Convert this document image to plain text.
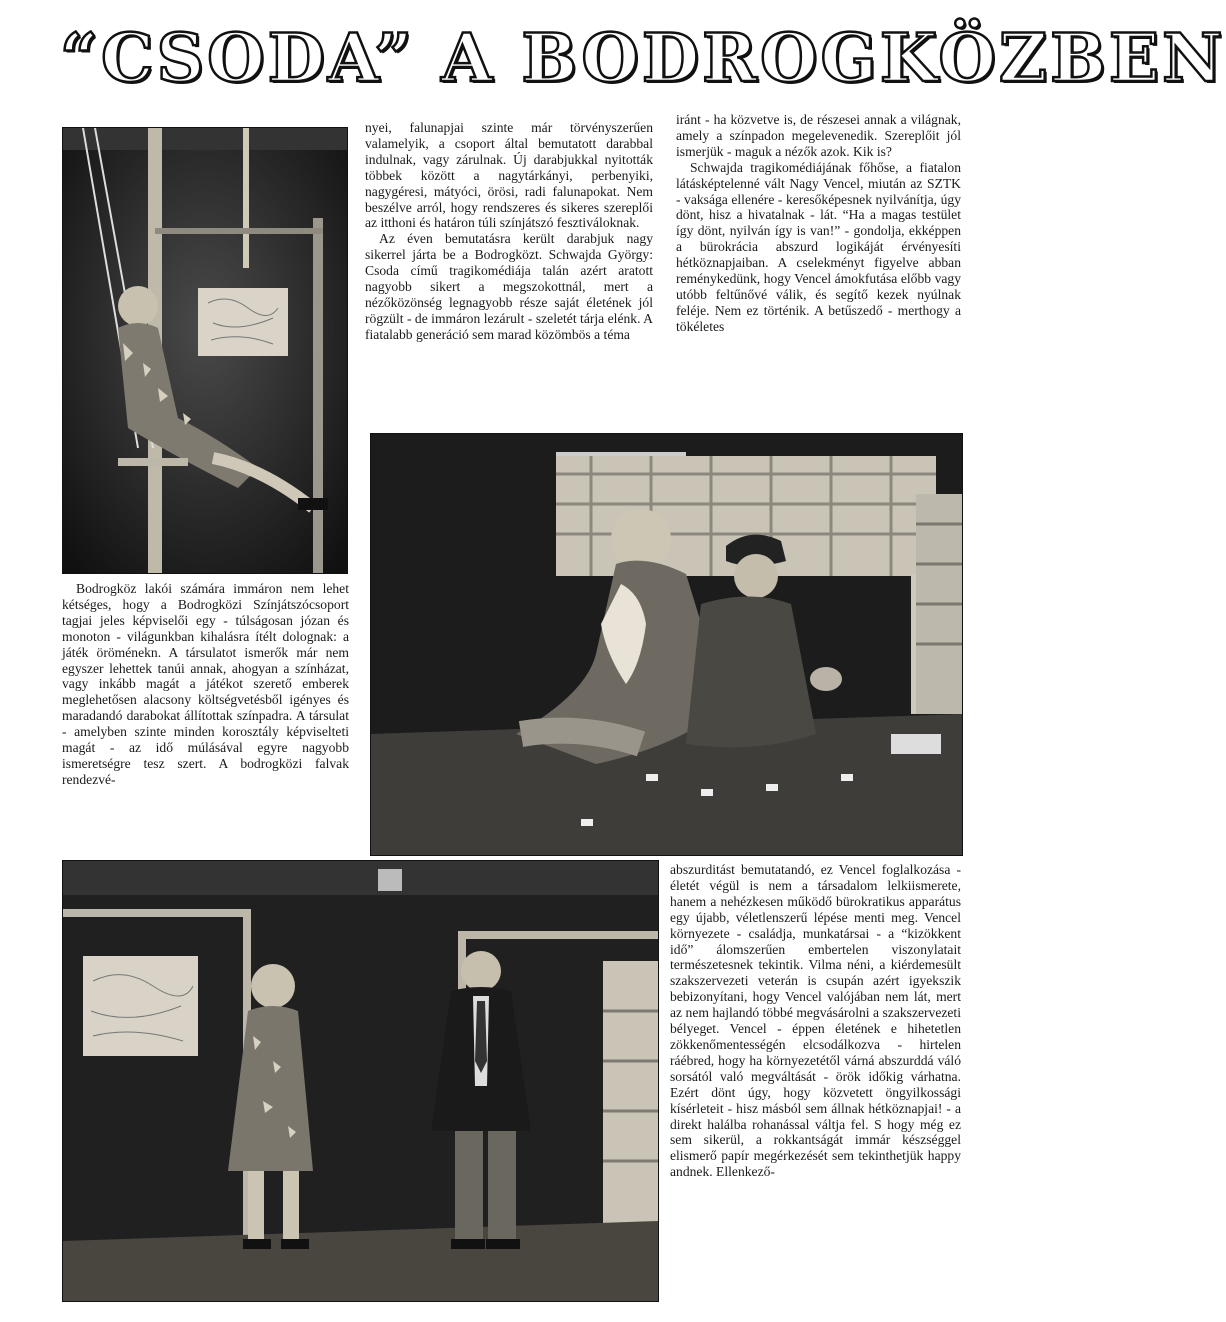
“CSODA” A BODROGKÖZBEN

nyei, falunapjai szinte már törvényszerűen valamelyik, a csoport által bemutatott darabbal indulnak, vagy zárulnak. Új darabjukkal nyitották többek között a nagytárkányi, perbenyiki, nagygéresi, mátyóci, örösi, radi falunapokat. Nem beszélve arról, hogy rendszeres és sikeres szereplői az itthoni és határon túli színjátszó fesztiváloknak.

Az éven bemutatásra került darabjuk nagy sikerrel járta be a Bodrogközt. Schwajda György: Csoda című tragikomédiája talán azért aratott nagyobb sikert a megszokottnál, mert a nézőközönség legnagyobb része saját életének jól rögzült - de immáron lezárult - szeletét tárja elénk. A fiatalabb generáció sem marad közömbös a téma

iránt - ha közvetve is, de részesei annak a világnak, amely a színpadon megelevenedik. Szereplőit jól ismerjük - maguk a nézők azok. Kik is?

Schwajda tragikomédiájának főhőse, a fiatalon látásképtelenné vált Nagy Vencel, miután az SZTK - vaksága ellenére - keresőképesnek nyilvánítja, úgy dönt, hisz a hivatalnak - lát. “Ha a magas testület így dönt, nyilván így is van!” - gondolja, ekképpen a bürokrácia abszurd logikáját érvényesíti hétköznapjaiban. A cselekményt figyelve abban reménykedünk, hogy Vencel ámokfutása előbb vagy utóbb feltűnővé válik, és segítő kezek nyúlnak feléje. Nem ez történik. A betűszedő - merthogy a tökéletes

Bodrogköz lakói számára immáron nem lehet kétséges, hogy a Bodrogközi Színjátszócsoport tagjai jeles képviselői egy - túlságosan józan és monoton - világunkban kihalásra ítélt dolognak: a játék öröménekn. A társulatot ismerők már nem egyszer lehettek tanúi annak, ahogyan a színházat, vagy inkább magát a játékot szerető emberek meglehetősen alacsony költségvetésből igényes és maradandó darabokat állítottak színpadra. A társulat - amelyben szinte minden korosztály képviselteti magát - az idő múlásával egyre nagyobb ismeretségre tesz szert. A bodrogközi falvak rendezvé-

abszurditást bemutatandó, ez Vencel foglalkozása - életét végül is nem a társadalom lelkiismerete, hanem a nehézkesen működő bürokratikus apparátus egy újabb, véletlenszerű lépése menti meg. Vencel környezete - családja, munkatársai - a “kizökkent idő” álomszerűen embertelen viszonylatait természetesnek tekintik. Vilma néni, a kiérdemesült szakszervezeti veterán is csupán azért igyekszik bebizonyítani, hogy Vencel valójában nem lát, mert az nem hajlandó többé megvásárolni a szakszervezeti bélyeget. Vencel - éppen életének e hihetetlen zökkenőmentességén elcsodálkozva - hirtelen ráébred, hogy ha környezetétől várná abszurddá váló sorsától való megváltását - örök időkig várhatna. Ezért dönt úgy, hogy közvetett öngyilkossági kísérleteit - hisz másból sem állnak hétköznapjai! - a direkt halálba rohanással váltja fel. S hogy még ez sem sikerül, a rokkantságát immár készséggel elismerő papír megérkezését sem tekinthetjük happy andnek. Ellenkező-
